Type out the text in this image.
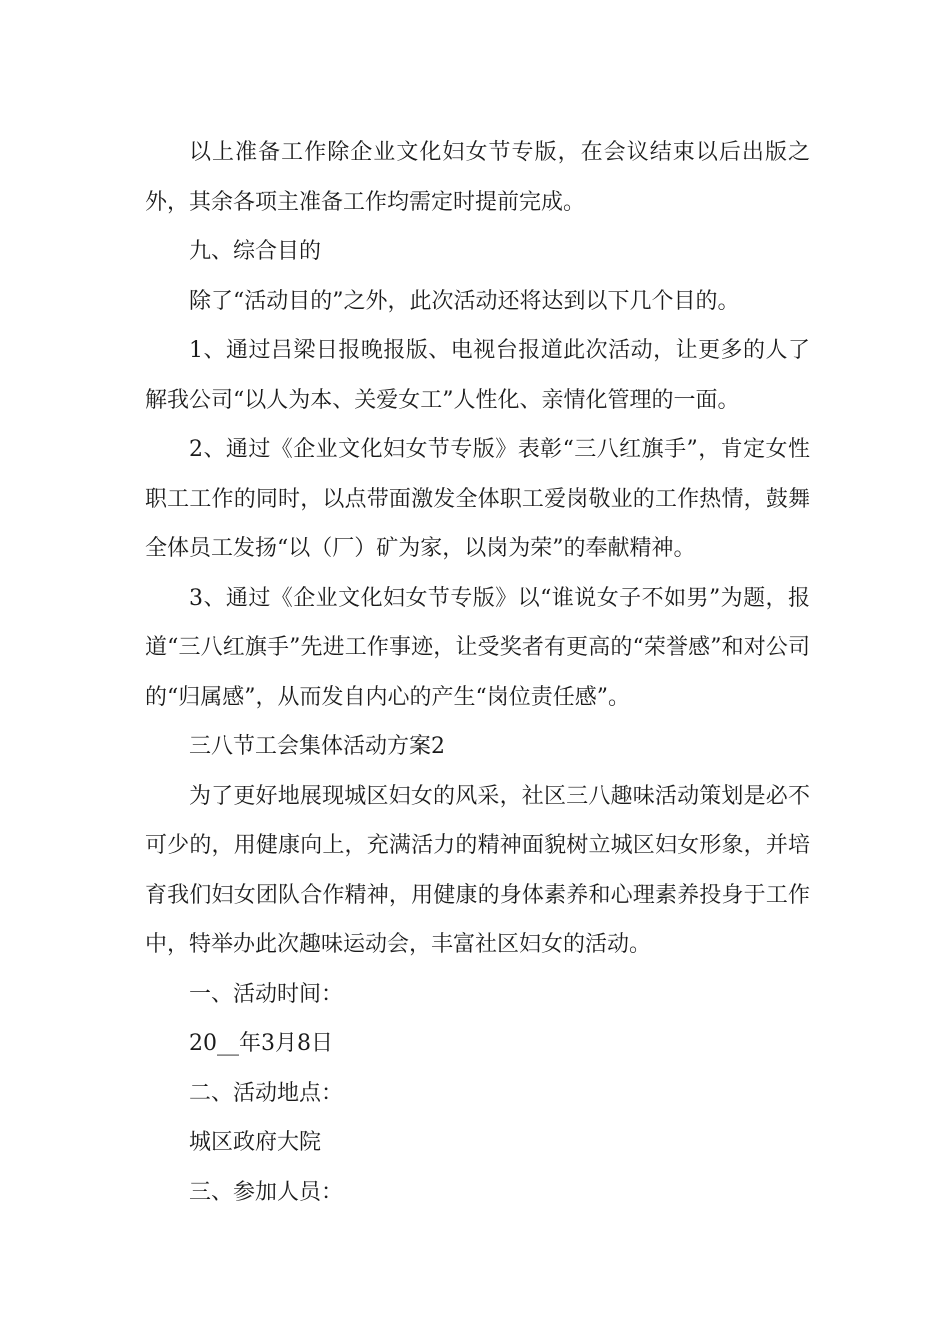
以上准备工作除企业文化妇女节专版，在会议结束以后出版之外，其余各项主准备工作均需定时提前完成。

九、综合目的

除了“活动目的”之外，此次活动还将达到以下几个目的。

1、通过吕梁日报晚报版、电视台报道此次活动，让更多的人了解我公司“以人为本、关爱女工”人性化、亲情化管理的一面。

2、通过《企业文化妇女节专版》表彰“三八红旗手”，肯定女性职工工作的同时，以点带面激发全体职工爱岗敬业的工作热情，鼓舞全体员工发扬“以（厂）矿为家，以岗为荣”的奉献精神。

3、通过《企业文化妇女节专版》以“谁说女子不如男”为题，报道“三八红旗手”先进工作事迹，让受奖者有更高的“荣誉感”和对公司的“归属感”，从而发自内心的产生“岗位责任感”。

三八节工会集体活动方案2

为了更好地展现城区妇女的风采，社区三八趣味活动策划是必不可少的，用健康向上，充满活力的精神面貌树立城区妇女形象，并培育我们妇女团队合作精神，用健康的身体素养和心理素养投身于工作中，特举办此次趣味运动会，丰富社区妇女的活动。

一、活动时间：

20__年3月8日

二、活动地点：

城区政府大院

三、参加人员：
